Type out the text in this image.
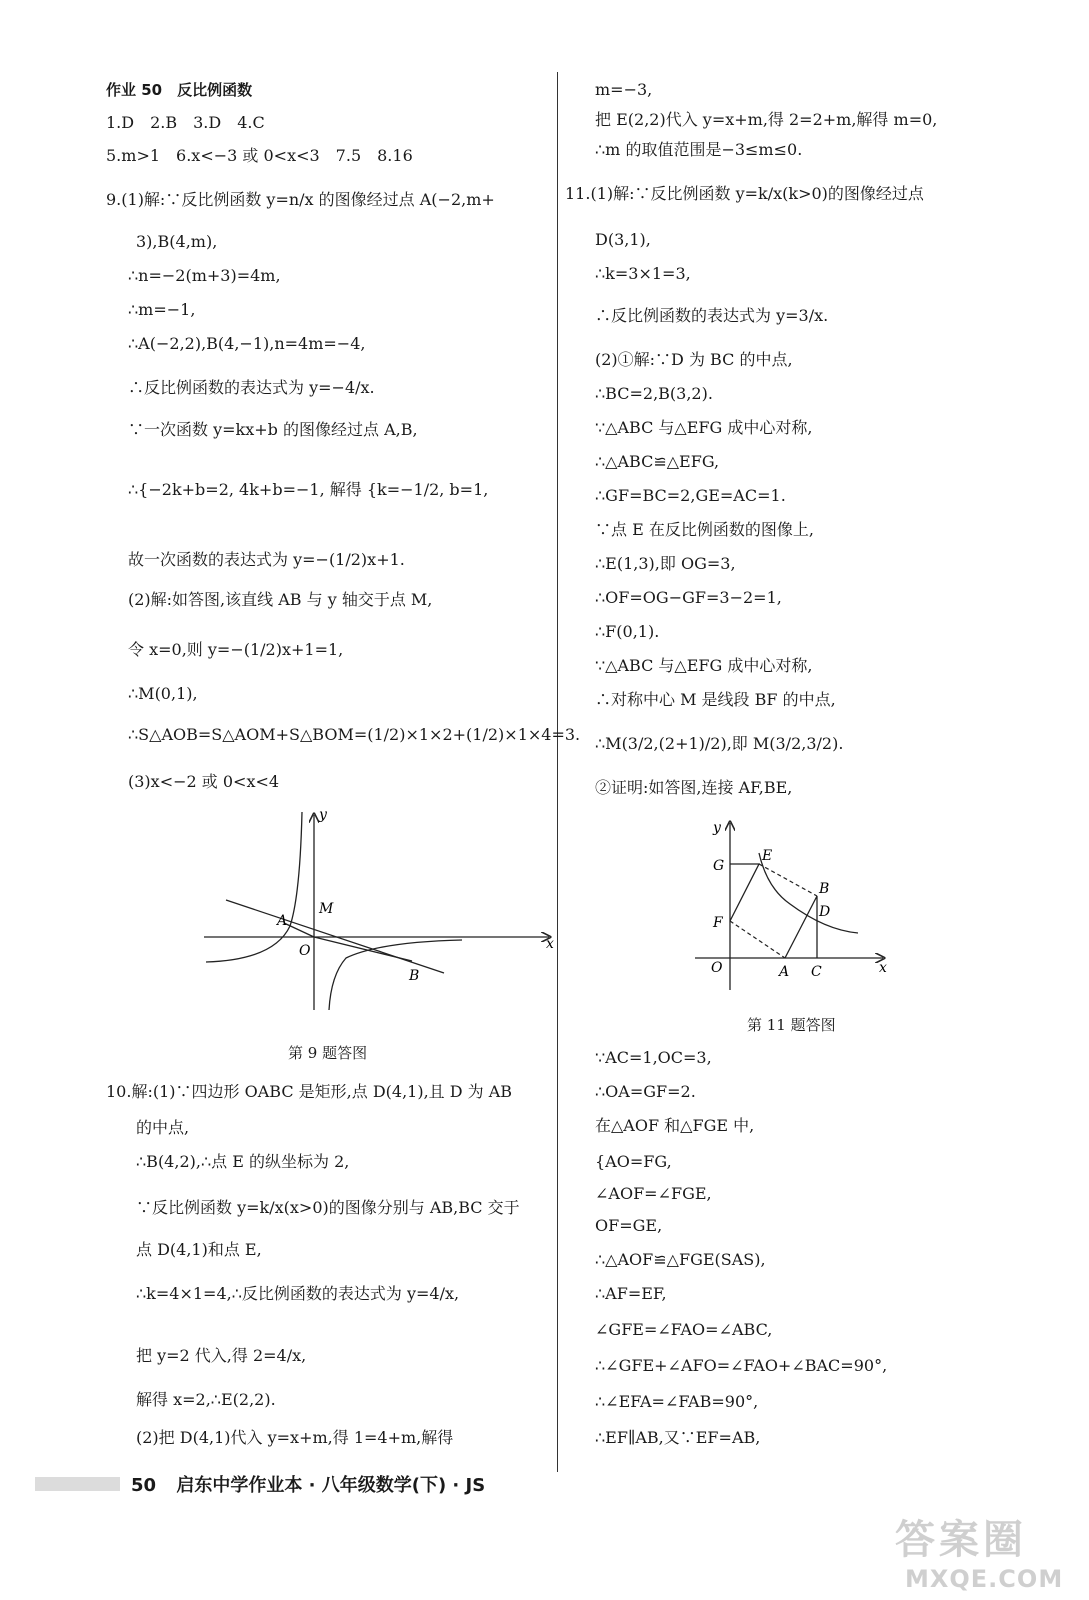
作业 50　反比例函数
1.D　2.B　3.D　4.C
5.m>1　6.x<−3 或 0<x<3　7.5　8.16
9.(1)解:∵反比例函数 y=n/x 的图像经过点 A(−2,m+
3),B(4,m),
∴n=−2(m+3)=4m,
∴m=−1,
∴A(−2,2),B(4,−1),n=4m=−4,
∴反比例函数的表达式为 y=−4/x.
∵一次函数 y=kx+b 的图像经过点 A,B,
∴{−2k+b=2, 4k+b=−1, 解得 {k=−1/2, b=1,
故一次函数的表达式为 y=−(1/2)x+1.
(2)解:如答图,该直线 AB 与 y 轴交于点 M,
令 x=0,则 y=−(1/2)x+1=1,
∴M(0,1),
∴S△AOB=S△AOM+S△BOM=(1/2)×1×2+(1/2)×1×4=3.
(3)x<−2 或 0<x<4
y
x
A
M
O
B
第 9 题答图
10.解:(1)∵四边形 OABC 是矩形,点 D(4,1),且 D 为 AB
的中点,
∴B(4,2),∴点 E 的纵坐标为 2,
∵反比例函数 y=k/x(x>0)的图像分别与 AB,BC 交于
点 D(4,1)和点 E,
∴k=4×1=4,∴反比例函数的表达式为 y=4/x,
把 y=2 代入,得 2=4/x,
解得 x=2,∴E(2,2).
(2)把 D(4,1)代入 y=x+m,得 1=4+m,解得
m=−3,
把 E(2,2)代入 y=x+m,得 2=2+m,解得 m=0,
∴m 的取值范围是−3≤m≤0.
11.(1)解:∵反比例函数 y=k/x(k>0)的图像经过点
D(3,1),
∴k=3×1=3,
∴反比例函数的表达式为 y=3/x.
(2)①解:∵D 为 BC 的中点,
∴BC=2,B(3,2).
∵△ABC 与△EFG 成中心对称,
∴△ABC≌△EFG,
∴GF=BC=2,GE=AC=1.
∵点 E 在反比例函数的图像上,
∴E(1,3),即 OG=3,
∴OF=OG−GF=3−2=1,
∴F(0,1).
∵△ABC 与△EFG 成中心对称,
∴对称中心 M 是线段 BF 的中点,
∴M(3/2,(2+1)/2),即 M(3/2,3/2).
②证明:如答图,连接 AF,BE,
y
x
G
E
B
D
F
O	A C
第 11 题答图
∵AC=1,OC=3,
∴OA=GF=2.
在△AOF 和△FGE 中,
{AO=FG,
∠AOF=∠FGE,
OF=GE,
∴△AOF≌△FGE(SAS),
∴AF=EF,
∠GFE=∠FAO=∠ABC,
∴∠GFE+∠AFO=∠FAO+∠BAC=90°,
∴∠EFA=∠FAB=90°,
∴EF∥AB,又∵EF=AB,
50 启东中学作业本 · 八年级数学(下) · JS
答案圈
MXQE.COM
